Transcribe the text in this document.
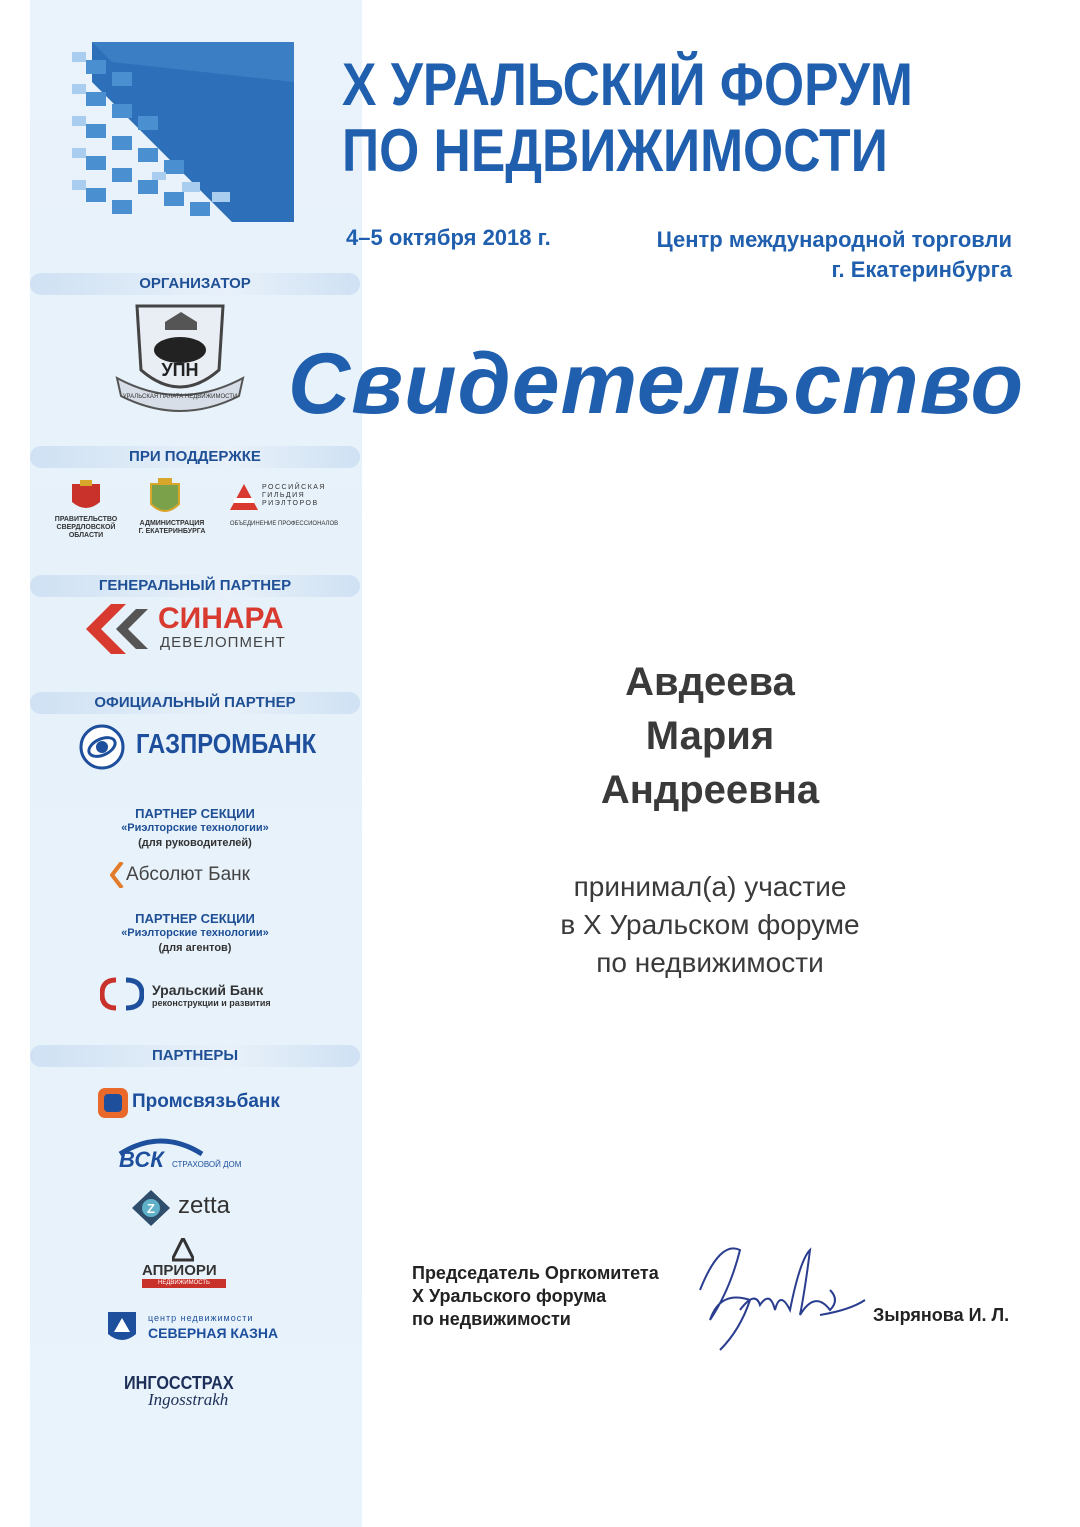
X УРАЛЬСКИЙ ФОРУМ
ПО НЕДВИЖИМОСТИ
4–5 октября 2018 г.	Центр международной торговли
г. Екатеринбурга
ОРГАНИЗАТОР
УПН
УРАЛЬСКАЯ ПАЛАТА НЕДВИЖИМОСТИ
ПРИ ПОДДЕРЖКЕ
ПРАВИТЕЛЬСТВО
СВЕРДЛОВСКОЙ
ОБЛАСТИ
АДМИНИСТРАЦИЯ
Г. ЕКАТЕРИНБУРГА
РОССИЙСКАЯ
ГИЛЬДИЯ
РИЭЛТОРОВ
ОБЪЕДИНЕНИЕ ПРОФЕССИОНАЛОВ
ГЕНЕРАЛЬНЫЙ ПАРТНЕР
СИНАРА
ДЕВЕЛОПМЕНТ
ОФИЦИАЛЬНЫЙ ПАРТНЕР
ГАЗПРОМБАНК
ПАРТНЕР СЕКЦИИ
«Риэлторские технологии»
(для руководителей)
Абсолют Банк
ПАРТНЕР СЕКЦИИ
«Риэлторские технологии»
(для агентов)
Уральский Банк
реконструкции и развития
ПАРТНЕРЫ
Промсвязьбанк
ВСК СТРАХОВОЙ ДОМ
Z zetta
АПРИОРИ
НЕДВИЖИМОСТЬ
центр недвижимости
СЕВЕРНАЯ КАЗНА
ИНГОССТРАХ
Ingosstrakh
Свидетельство
Авдеева
Мария
Андреевна
принимал(а) участие
в X Уральском форуме
по недвижимости
Председатель Оргкомитета
X Уральского форума
по недвижимости	Зырянова И. Л.
